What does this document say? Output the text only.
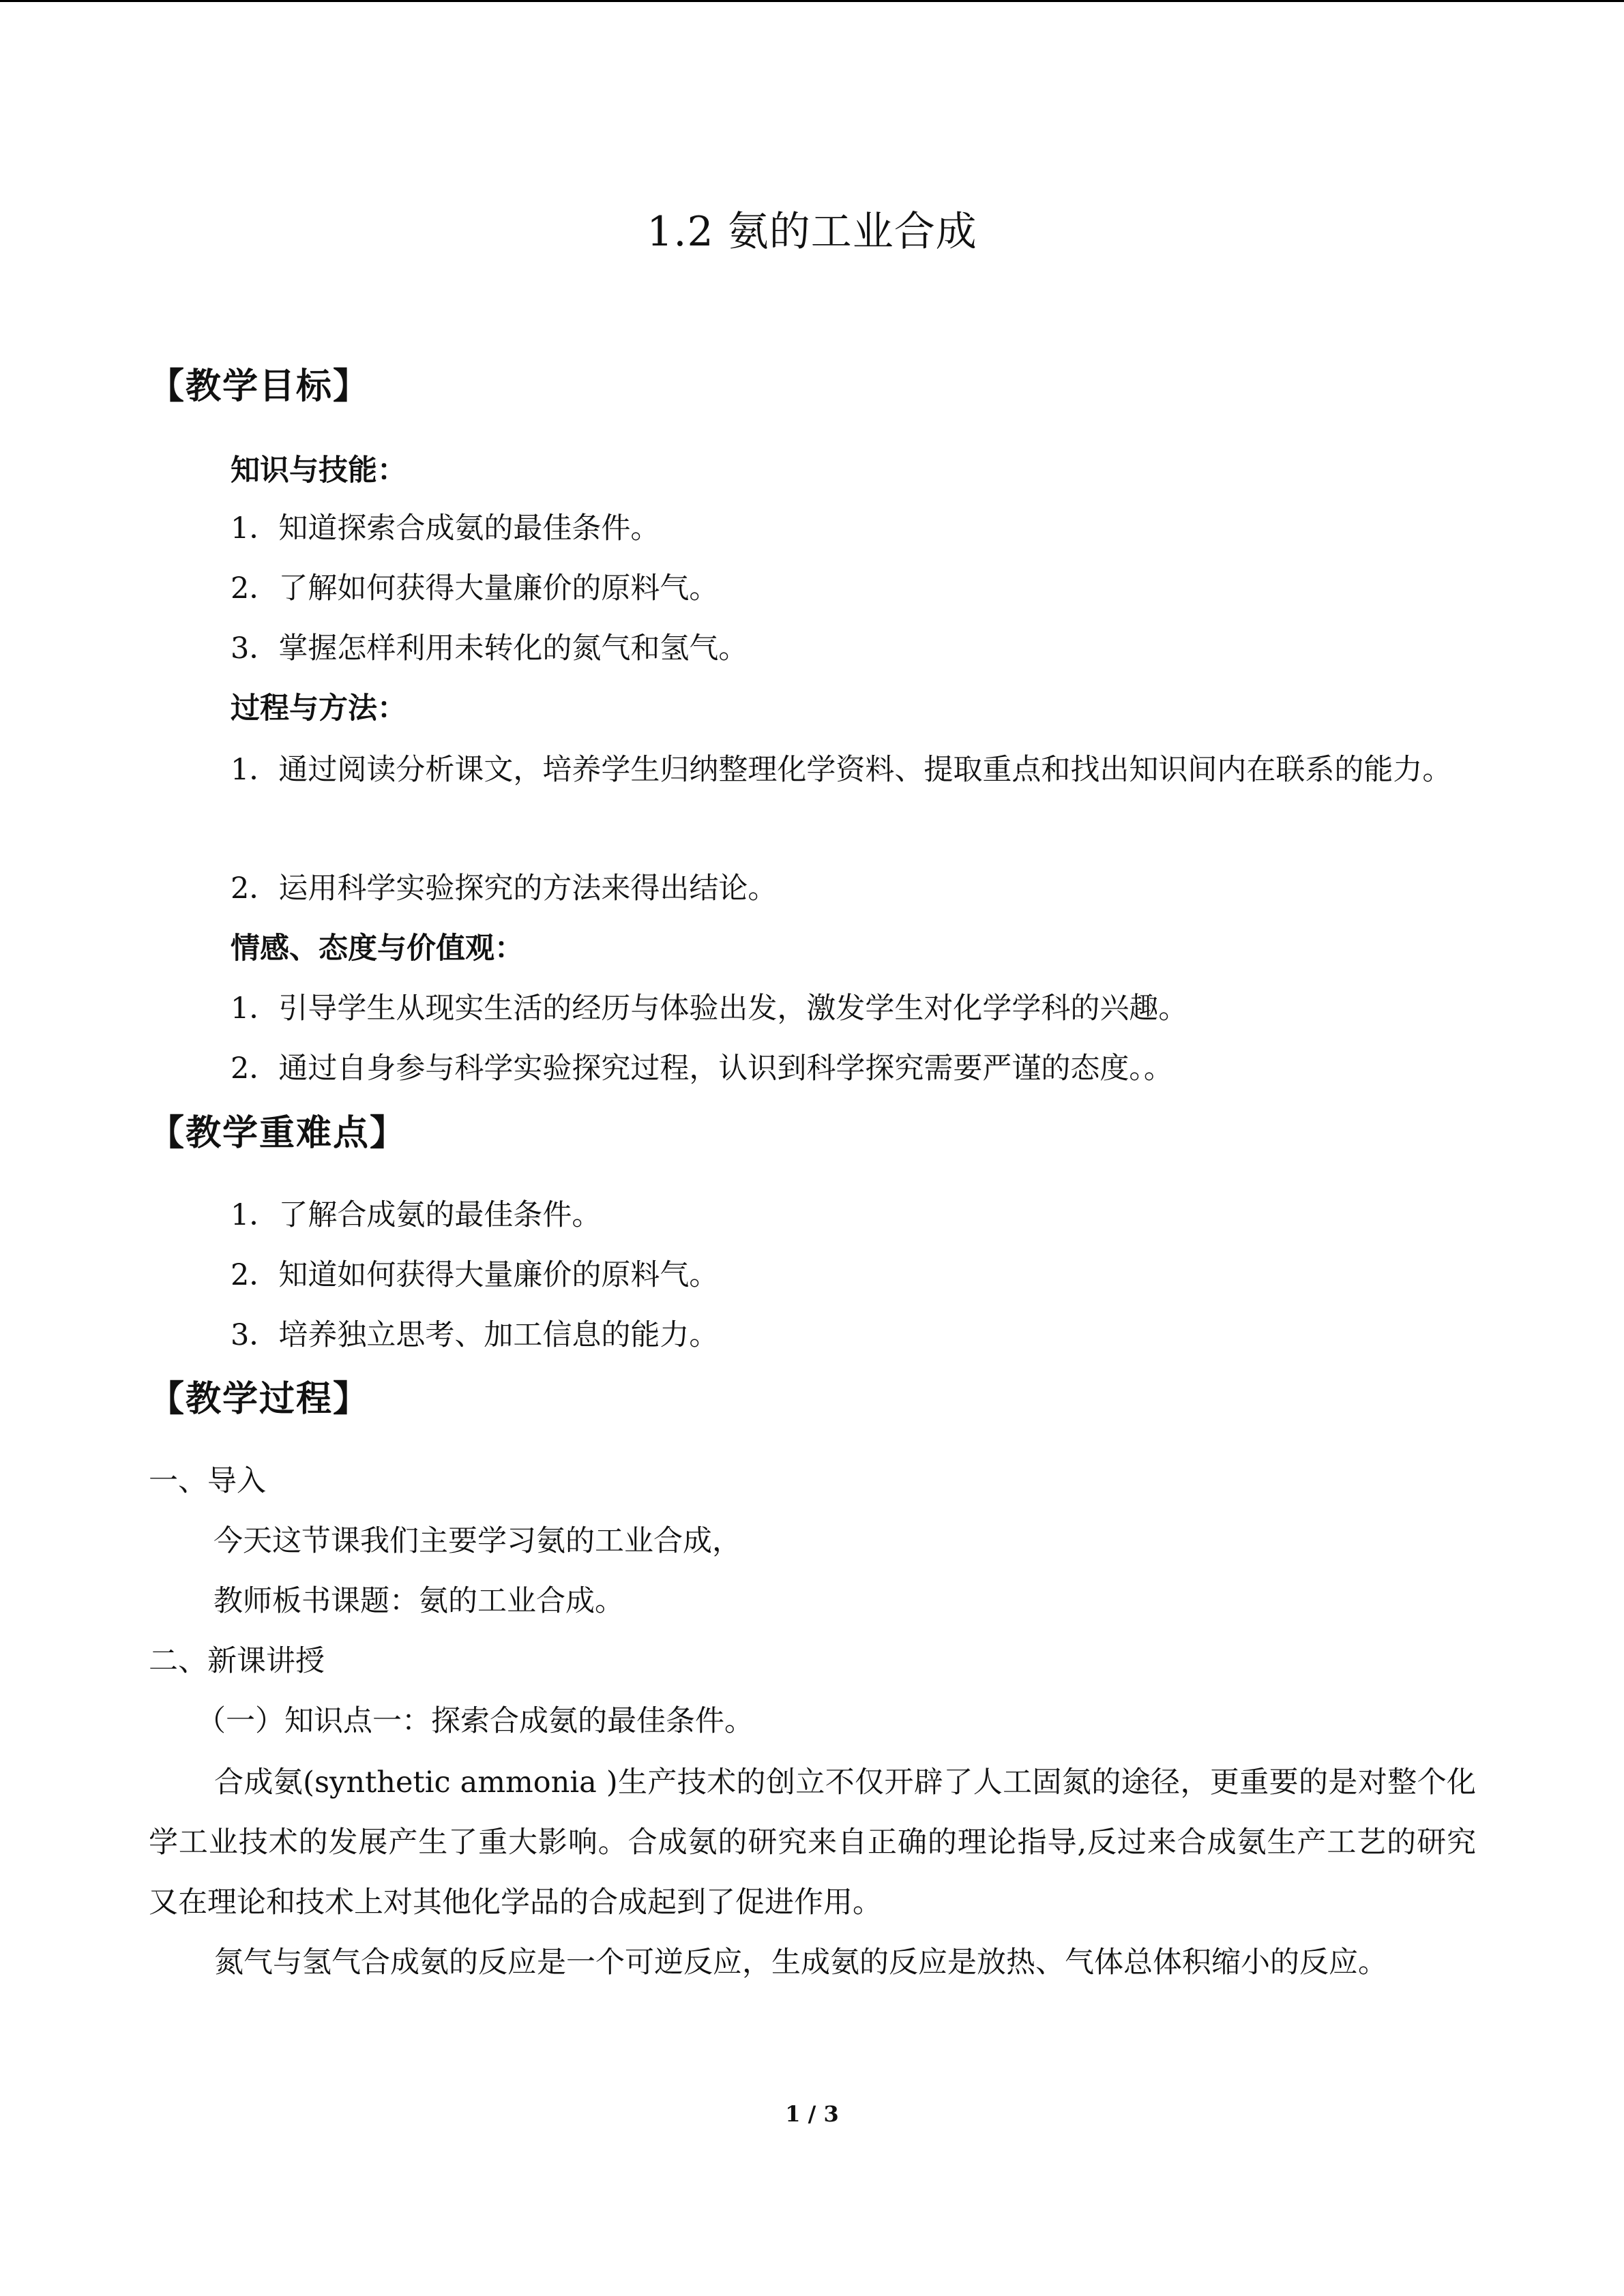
1.2 氨的工业合成
【教学目标】
知识与技能：
1．知道探索合成氨的最佳条件。
2．了解如何获得大量廉价的原料气。
3．掌握怎样利用未转化的氮气和氢气。
过程与方法：
1．通过阅读分析课文，培养学生归纳整理化学资料、提取重点和找出知识间内在联系的能力。
2．运用科学实验探究的方法来得出结论。
情感、态度与价值观：
1．引导学生从现实生活的经历与体验出发，激发学生对化学学科的兴趣。
2．通过自身参与科学实验探究过程，认识到科学探究需要严谨的态度。。
【教学重难点】
1．了解合成氨的最佳条件。
2．知道如何获得大量廉价的原料气。
3．培养独立思考、加工信息的能力。
【教学过程】
一、导入
今天这节课我们主要学习氨的工业合成，
教师板书课题：氨的工业合成。
二、新课讲授
（一）知识点一：探索合成氨的最佳条件。
合成氨(synthetic ammonia )生产技术的创立不仅开辟了人工固氮的途径，更重要的是对整个化学工业技术的发展产生了重大影响。合成氨的研究来自正确的理论指导,反过来合成氨生产工艺的研究又在理论和技术上对其他化学品的合成起到了促进作用。
氮气与氢气合成氨的反应是一个可逆反应，生成氨的反应是放热、气体总体积缩小的反应。
1 / 3
